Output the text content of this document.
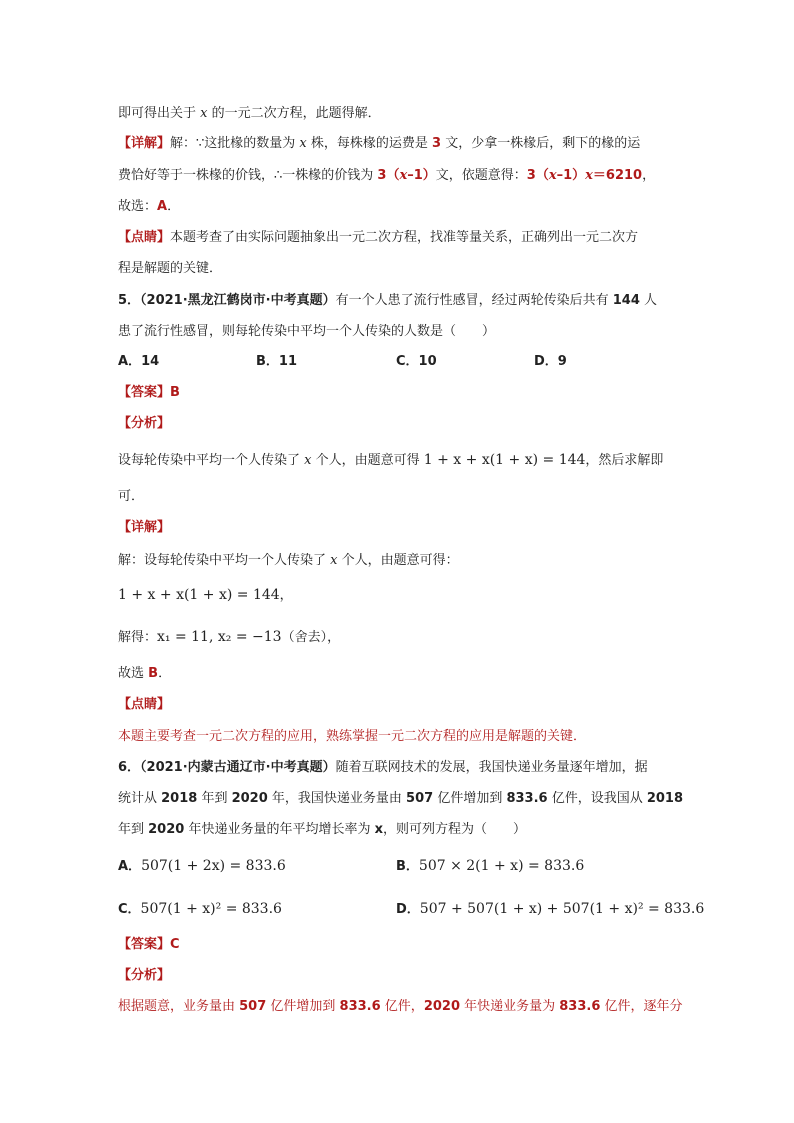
即可得出关于 x 的一元二次方程，此题得解．
【详解】解：∵这批椽的数量为 x 株，每株椽的运费是 3 文，少拿一株椽后，剩下的椽的运
费恰好等于一株椽的价钱，∴一株椽的价钱为 3（x–1）文，依题意得：3（x–1）x＝6210，
故选：A．
【点睛】本题考查了由实际问题抽象出一元二次方程，找准等量关系，正确列出一元二次方
程是解题的关键．
5．（2021·黑龙江鹤岗市·中考真题）有一个人患了流行性感冒，经过两轮传染后共有 144 人
患了流行性感冒，则每轮传染中平均一个人传染的人数是（　　）
A．14	B．11	C．10	D．9
【答案】B
【分析】
设每轮传染中平均一个人传染了 x 个人，由题意可得 1 + x + x(1 + x) = 144，然后求解即
可．
【详解】
解：设每轮传染中平均一个人传染了 x 个人，由题意可得：
1 + x + x(1 + x) = 144，
解得：x₁ = 11, x₂ = −13（舍去），
故选 B．
【点睛】
本题主要考查一元二次方程的应用，熟练掌握一元二次方程的应用是解题的关键．
6．（2021·内蒙古通辽市·中考真题）随着互联网技术的发展，我国快递业务量逐年增加，据
统计从 2018 年到 2020 年，我国快递业务量由 507 亿件增加到 833.6 亿件，设我国从 2018
年到 2020 年快递业务量的年平均增长率为 x，则可列方程为（　　）
A．507(1 + 2x) = 833.6	B．507 × 2(1 + x) = 833.6
C．507(1 + x)² = 833.6	D．507 + 507(1 + x) + 507(1 + x)² = 833.6
【答案】C
【分析】
根据题意，业务量由 507 亿件增加到 833.6 亿件，2020 年快递业务量为 833.6 亿件，逐年分
